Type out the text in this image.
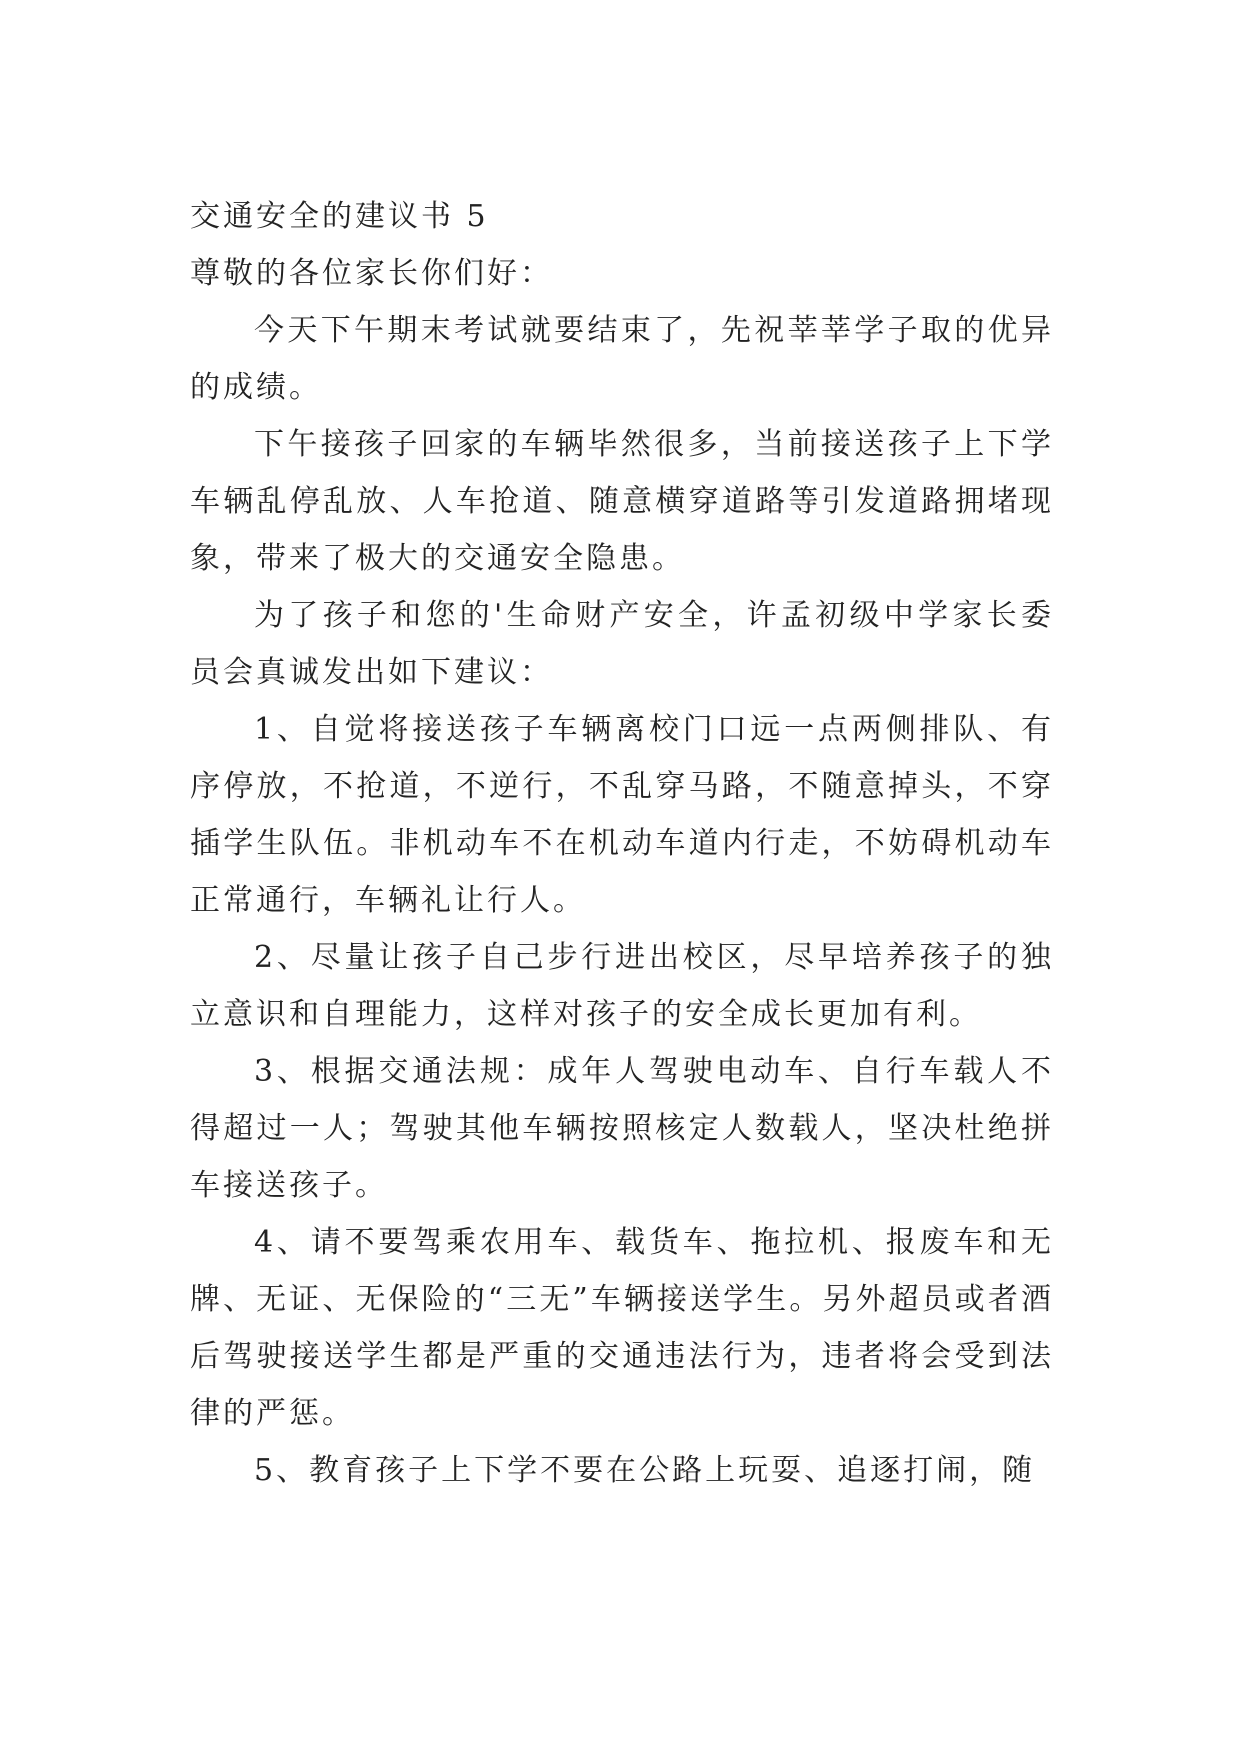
交通安全的建议书 5

尊敬的各位家长你们好：

今天下午期末考试就要结束了，先祝莘莘学子取的优异的成绩。

下午接孩子回家的车辆毕然很多，当前接送孩子上下学车辆乱停乱放、人车抢道、随意横穿道路等引发道路拥堵现象，带来了极大的交通安全隐患。

为了孩子和您的'生命财产安全，许孟初级中学家长委员会真诚发出如下建议：

1、自觉将接送孩子车辆离校门口远一点两侧排队、有序停放，不抢道，不逆行，不乱穿马路，不随意掉头，不穿插学生队伍。非机动车不在机动车道内行走，不妨碍机动车正常通行，车辆礼让行人。

2、尽量让孩子自己步行进出校区，尽早培养孩子的独立意识和自理能力，这样对孩子的安全成长更加有利。

3、根据交通法规：成年人驾驶电动车、自行车载人不得超过一人；驾驶其他车辆按照核定人数载人，坚决杜绝拼车接送孩子。

4、请不要驾乘农用车、载货车、拖拉机、报废车和无牌、无证、无保险的“三无”车辆接送学生。另外超员或者酒后驾驶接送学生都是严重的交通违法行为，违者将会受到法律的严惩。

5、教育孩子上下学不要在公路上玩耍、追逐打闹，随
